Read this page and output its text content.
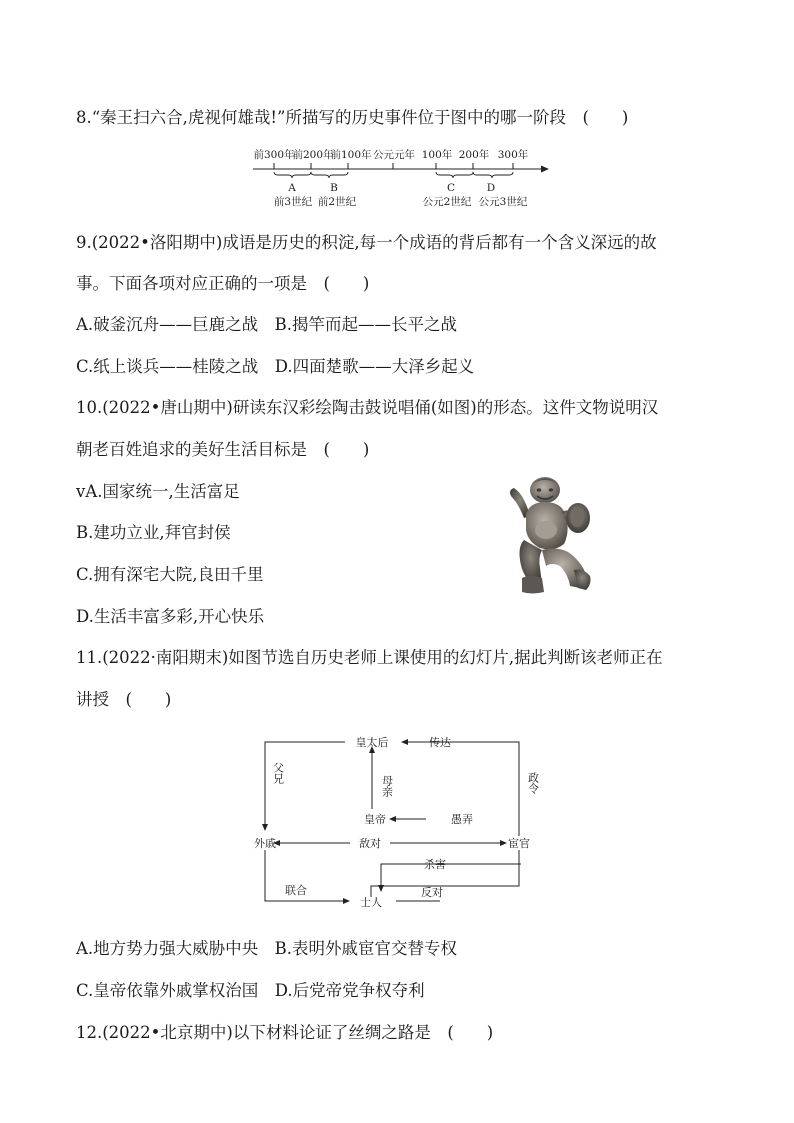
8.“秦王扫六合,虎视何雄哉!”所描写的历史事件位于图中的哪一阶段　(　　)
前300年
前200年
前100年 公元元年 100年 200年 300年
A	B	C	D
前3世纪 前2世纪	公元2世纪 公元3世纪
9.(2022•洛阳期中)成语是历史的积淀,每一个成语的背后都有一个含义深远的故
事。下面各项对应正确的一项是　(　　)
A.破釜沉舟——巨鹿之战　B.揭竿而起——长平之战
C.纸上谈兵——桂陵之战　D.四面楚歌——大泽乡起义
10.(2022•唐山期中)研读东汉彩绘陶击鼓说唱俑(如图)的形态。这件文物说明汉
朝老百姓追求的美好生活目标是　(　　)
vA.国家统一,生活富足
B.建功立业,拜官封侯
C.拥有深宅大院,良田千里
D.生活丰富多彩,开心快乐
11.(2022·南阳期末)如图节选自历史老师上课使用的幻灯片,据此判断该老师正在
讲授　(　　)
皇太后
皇帝
外戚	宦官
士人
传达
政令
父兄
母亲
愚弄
敌对
杀害
联合	反对
A.地方势力强大威胁中央　B.表明外戚宦官交替专权
C.皇帝依靠外戚掌权治国　D.后党帝党争权夺利
12.(2022•北京期中)以下材料论证了丝绸之路是　(　　)
